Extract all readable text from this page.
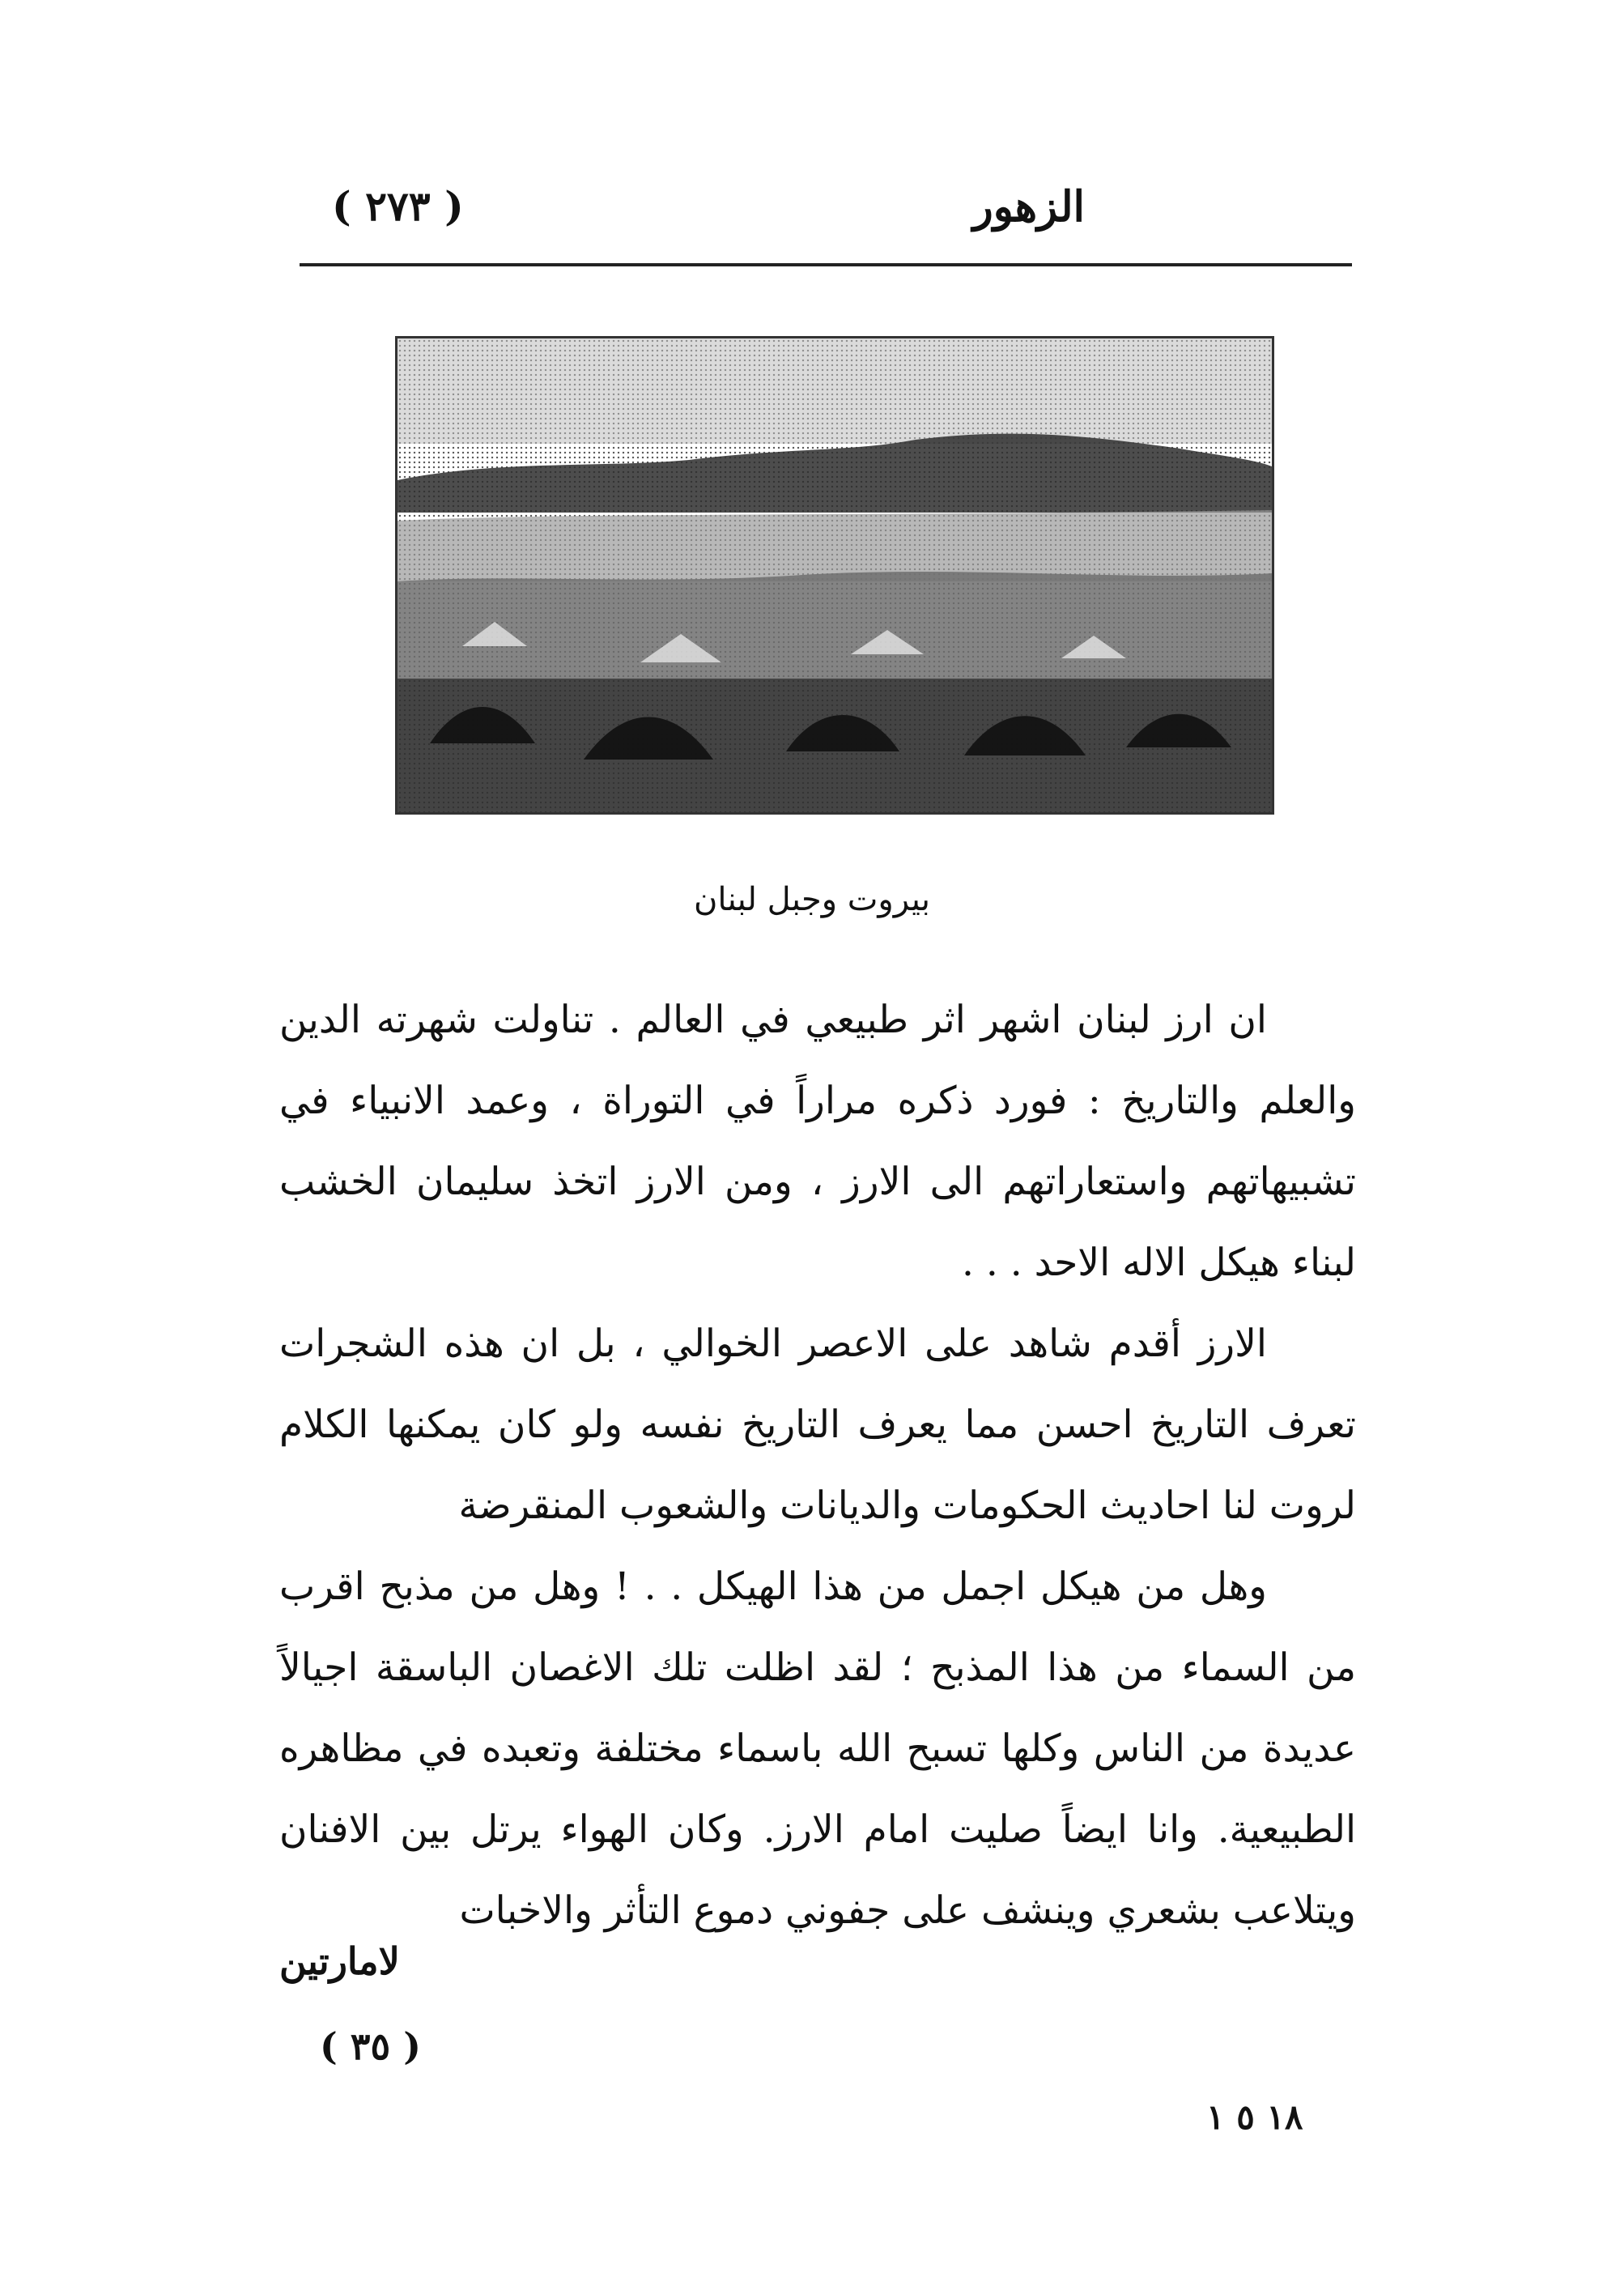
( ٢٧٣ )	الزهور
بيروت وجبل لبنان

ان ارز لبنان اشهر اثر طبيعي في العالم . تناولت شهرته الدين والعلم والتاريخ : فورد ذكره مراراً في التوراة ، وعمد الانبياء في تشبيهاتهم واستعاراتهم الى الارز ، ومن الارز اتخذ سليمان الخشب لبناء هيكل الاله الاحد . . .

الارز أقدم شاهد على الاعصر الخوالي ، بل ان هذه الشجرات تعرف التاريخ احسن مما يعرف التاريخ نفسه ولو كان يمكنها الكلام لروت لنا احاديث الحكومات والديانات والشعوب المنقرضة

وهل من هيكل اجمل من هذا الهيكل . . ! وهل من مذبح اقرب من السماء من هذا المذبح ؛ لقد اظلت تلك الاغصان الباسقة اجيالاً عديدة من الناس وكلها تسبح الله باسماء مختلفة وتعبده في مظاهره الطبيعية. وانا ايضاً صليت امام الارز. وكان الهواء يرتل بين الافنان ويتلاعب بشعري وينشف على جفوني دموع التأثر والاخبات

لامارتين
( ٣٥ )
١٨ ٥ ١
